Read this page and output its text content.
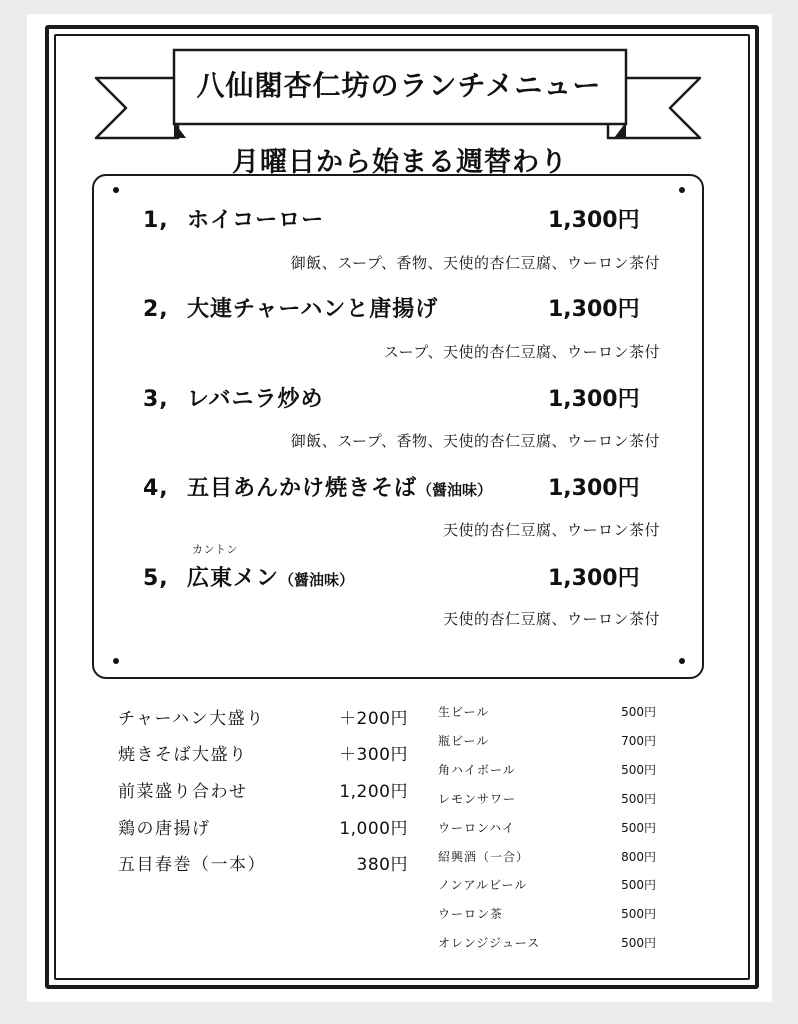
八仙閣杏仁坊のランチメニュー
月曜日から始まる週替わり
1, ホイコーロー	1,300円
御飯、スープ、香物、天使的杏仁豆腐、ウーロン茶付
2, 大連チャーハンと唐揚げ	1,300円
スープ、天使的杏仁豆腐、ウーロン茶付
3, レバニラ炒め	1,300円
御飯、スープ、香物、天使的杏仁豆腐、ウーロン茶付
4, 五目あんかけ焼きそば（醤油味）	1,300円
天使的杏仁豆腐、ウーロン茶付
カントン
5, 広東メン（醤油味）	1,300円
天使的杏仁豆腐、ウーロン茶付
チャーハン大盛り	＋200円
焼きそば大盛り	＋300円
前菜盛り合わせ	1,200円
鶏の唐揚げ	1,000円
五目春巻（一本）	380円
生ビール	500円
瓶ビール	700円
角ハイボール	500円
レモンサワー	500円
ウーロンハイ	500円
紹興酒（一合）	800円
ノンアルビール	500円
ウーロン茶	500円
オレンジジュース	500円
